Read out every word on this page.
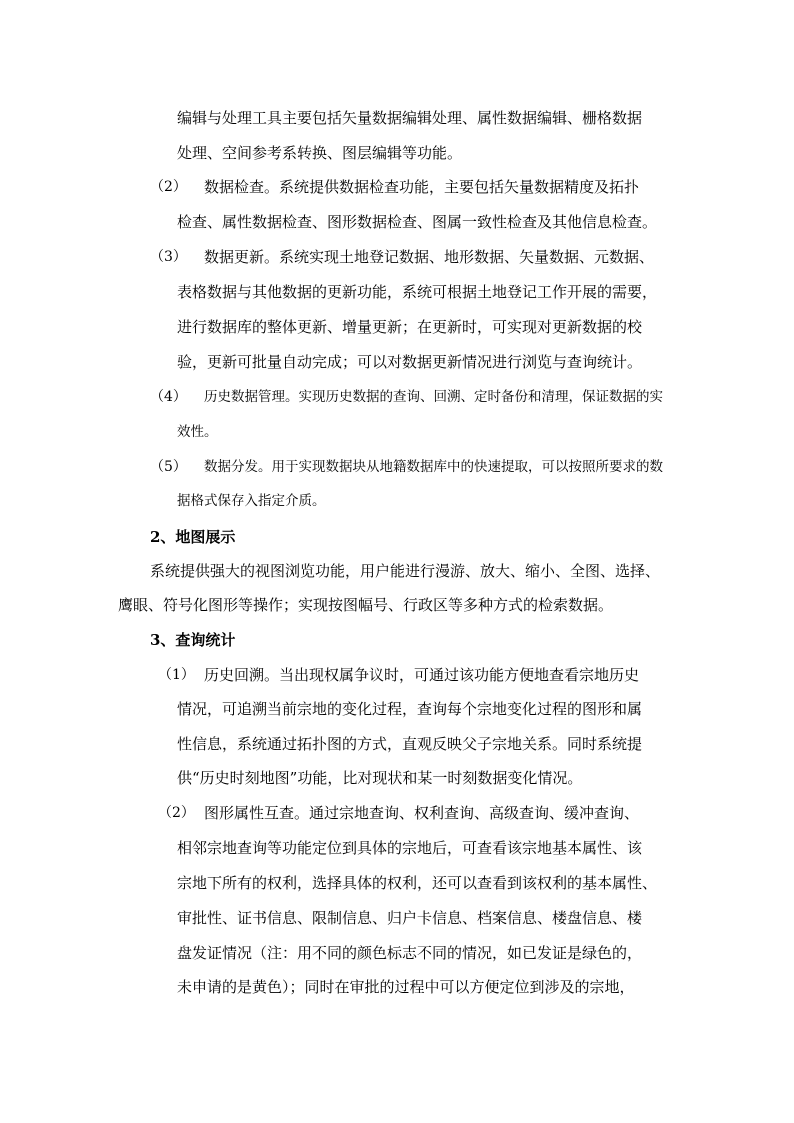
编辑与处理工具主要包括矢量数据编辑处理、属性数据编辑、栅格数据
处理、空间参考系转换、图层编辑等功能。
（2） 数据检查。系统提供数据检查功能，主要包括矢量数据精度及拓扑
检查、属性数据检查、图形数据检查、图属一致性检查及其他信息检查。
（3） 数据更新。系统实现土地登记数据、地形数据、矢量数据、元数据、
表格数据与其他数据的更新功能，系统可根据土地登记工作开展的需要，
进行数据库的整体更新、增量更新；在更新时，可实现对更新数据的校
验，更新可批量自动完成；可以对数据更新情况进行浏览与查询统计。
（4） 历史数据管理。实现历史数据的查询、回溯、定时备份和清理，保证数据的实
效性。
（5） 数据分发。用于实现数据块从地籍数据库中的快速提取，可以按照所要求的数
据格式保存入指定介质。
2、地图展示
系统提供强大的视图浏览功能，用户能进行漫游、放大、缩小、全图、选择、
鹰眼、符号化图形等操作；实现按图幅号、行政区等多种方式的检索数据。
3、查询统计
（1） 历史回溯。当出现权属争议时，可通过该功能方便地查看宗地历史
情况，可追溯当前宗地的变化过程，查询每个宗地变化过程的图形和属
性信息，系统通过拓扑图的方式，直观反映父子宗地关系。同时系统提
供“历史时刻地图”功能，比对现状和某一时刻数据变化情况。
（2） 图形属性互查。通过宗地查询、权利查询、高级查询、缓冲查询、
相邻宗地查询等功能定位到具体的宗地后，可查看该宗地基本属性、该
宗地下所有的权利，选择具体的权利，还可以查看到该权利的基本属性、
审批性、证书信息、限制信息、归户卡信息、档案信息、楼盘信息、楼
盘发证情况（注：用不同的颜色标志不同的情况，如已发证是绿色的，
未申请的是黄色）；同时在审批的过程中可以方便定位到涉及的宗地，
